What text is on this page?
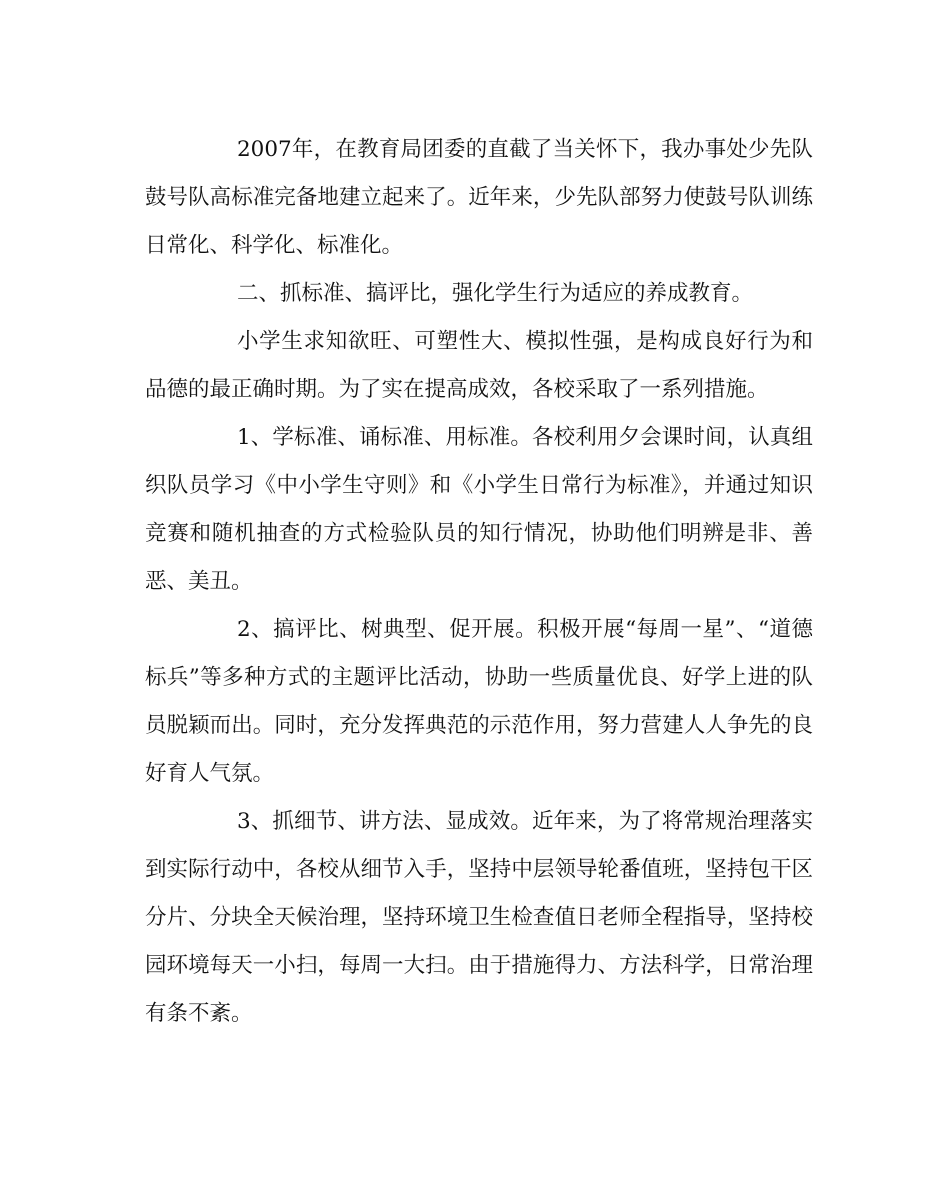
2007年，在教育局团委的直截了当关怀下，我办事处少先队鼓号队高标准完备地建立起来了。近年来，少先队部努力使鼓号队训练日常化、科学化、标准化。

二、抓标准、搞评比，强化学生行为适应的养成教育。

小学生求知欲旺、可塑性大、模拟性强，是构成良好行为和品德的最正确时期。为了实在提高成效，各校采取了一系列措施。

1、学标准、诵标准、用标准。各校利用夕会课时间，认真组织队员学习《中小学生守则》和《小学生日常行为标准》，并通过知识竞赛和随机抽查的方式检验队员的知行情况，协助他们明辨是非、善恶、美丑。

2、搞评比、树典型、促开展。积极开展“每周一星”、“道德标兵”等多种方式的主题评比活动，协助一些质量优良、好学上进的队员脱颖而出。同时，充分发挥典范的示范作用，努力营建人人争先的良好育人气氛。

3、抓细节、讲方法、显成效。近年来，为了将常规治理落实到实际行动中，各校从细节入手，坚持中层领导轮番值班，坚持包干区分片、分块全天候治理，坚持环境卫生检查值日老师全程指导，坚持校园环境每天一小扫，每周一大扫。由于措施得力、方法科学，日常治理有条不紊。
